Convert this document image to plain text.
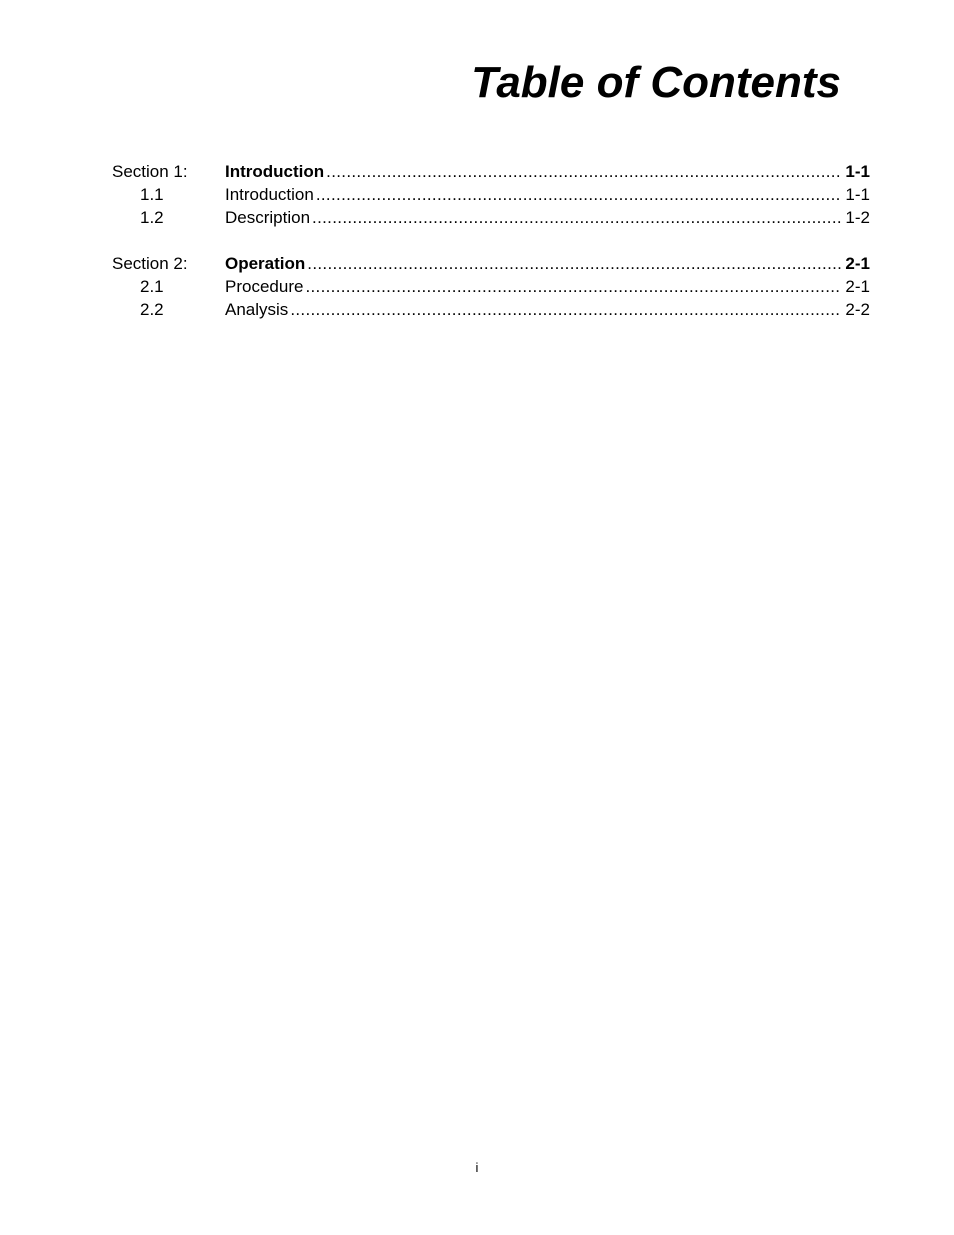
Table of Contents
Section 1:	Introduction . . .	1-1
1.1	Introduction . . .	1-1
1.2	Description . . .	1-2
Section 2:	Operation . . .	2-1
2.1	Procedure . . .	2-1
2.2	Analysis . . .	2-2
i
